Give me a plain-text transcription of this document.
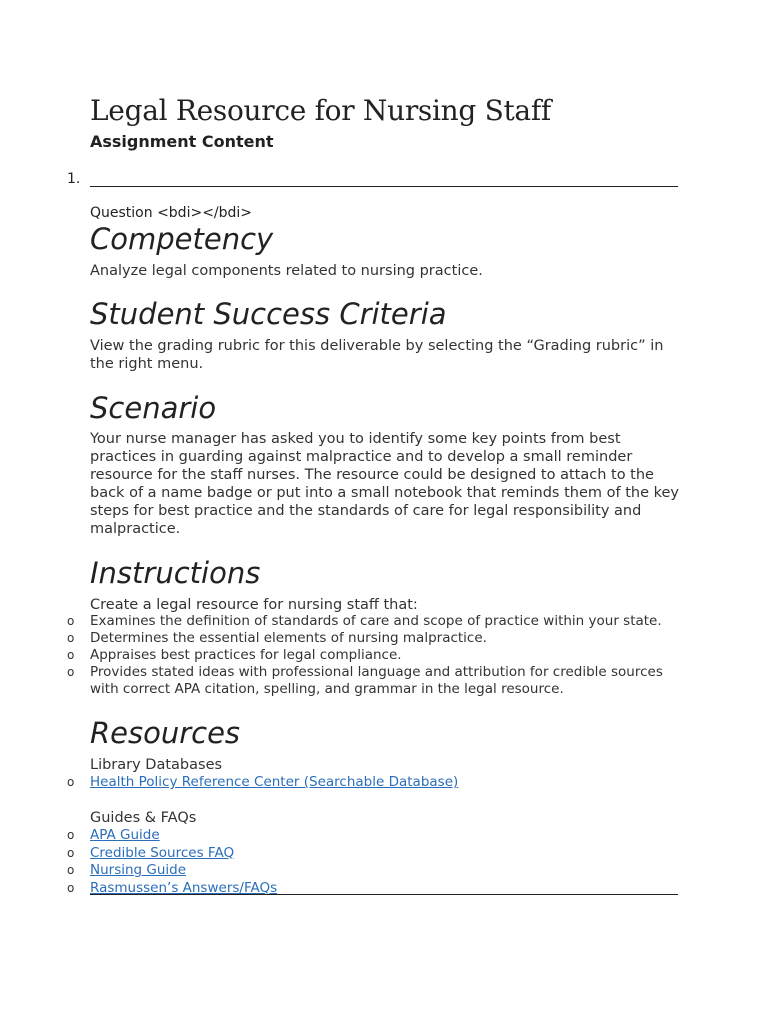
Legal Resource for Nursing Staff
Assignment Content
1.
Question <bdi></bdi>
Competency

Analyze legal components related to nursing practice.

Student Success Criteria

View the grading rubric for this deliverable by selecting the “Grading rubric” in the right menu.

Scenario

Your nurse manager has asked you to identify some key points from best practices in guarding against malpractice and to develop a small reminder resource for the staff nurses. The resource could be designed to attach to the back of a name badge or put into a small notebook that reminds them of the key steps for best practice and the standards of care for legal responsibility and malpractice.

Instructions

Create a legal resource for nursing staff that:

o Examines the definition of standards of care and scope of practice within your state.
o Determines the essential elements of nursing malpractice.
o Appraises best practices for legal compliance.
o Provides stated ideas with professional language and attribution for credible sources with correct APA citation, spelling, and grammar in the legal resource.
Resources

Library Databases

o Health Policy Reference Center (Searchable Database)

Guides & FAQs

o APA Guide
o Credible Sources FAQ
o Nursing Guide
o Rasmussen’s Answers/FAQs
